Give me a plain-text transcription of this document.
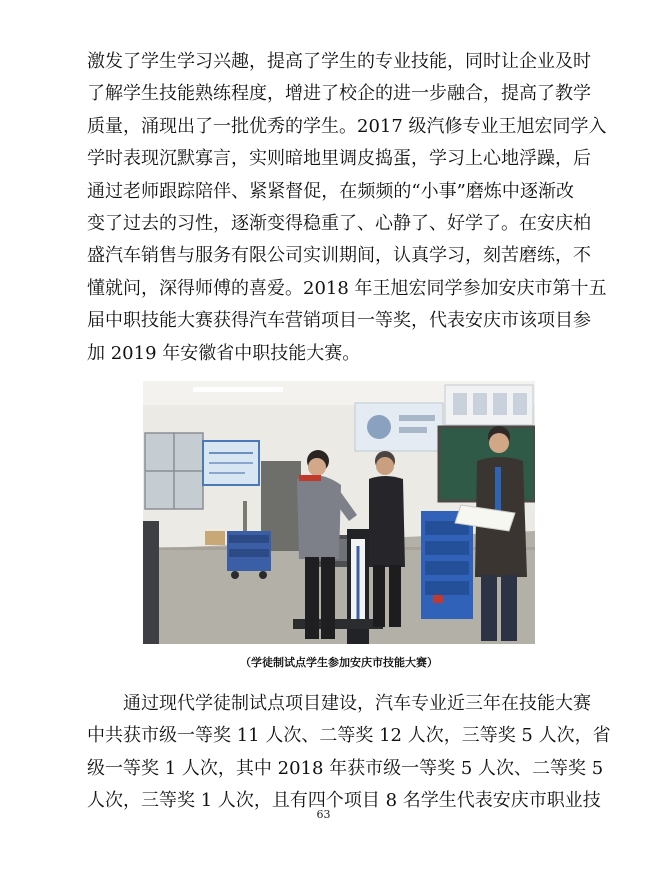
激发了学生学习兴趣，提高了学生的专业技能，同时让企业及时
了解学生技能熟练程度，增进了校企的进一步融合，提高了教学
质量，涌现出了一批优秀的学生。2017 级汽修专业王旭宏同学入
学时表现沉默寡言，实则暗地里调皮捣蛋，学习上心地浮躁，后
通过老师跟踪陪伴、紧紧督促，在频频的“小事”磨炼中逐渐改
变了过去的习性，逐渐变得稳重了、心静了、好学了。在安庆柏
盛汽车销售与服务有限公司实训期间，认真学习，刻苦磨练，不
懂就问，深得师傅的喜爱。2018 年王旭宏同学参加安庆市第十五
届中职技能大赛获得汽车营销项目一等奖，代表安庆市该项目参
加 2019 年安徽省中职技能大赛。
（学徒制试点学生参加安庆市技能大赛）
通过现代学徒制试点项目建设，汽车专业近三年在技能大赛
中共获市级一等奖 11 人次、二等奖 12 人次，三等奖 5 人次，省
级一等奖 1 人次，其中 2018 年获市级一等奖 5 人次、二等奖 5
人次，三等奖 1 人次，且有四个项目 8 名学生代表安庆市职业技
63
